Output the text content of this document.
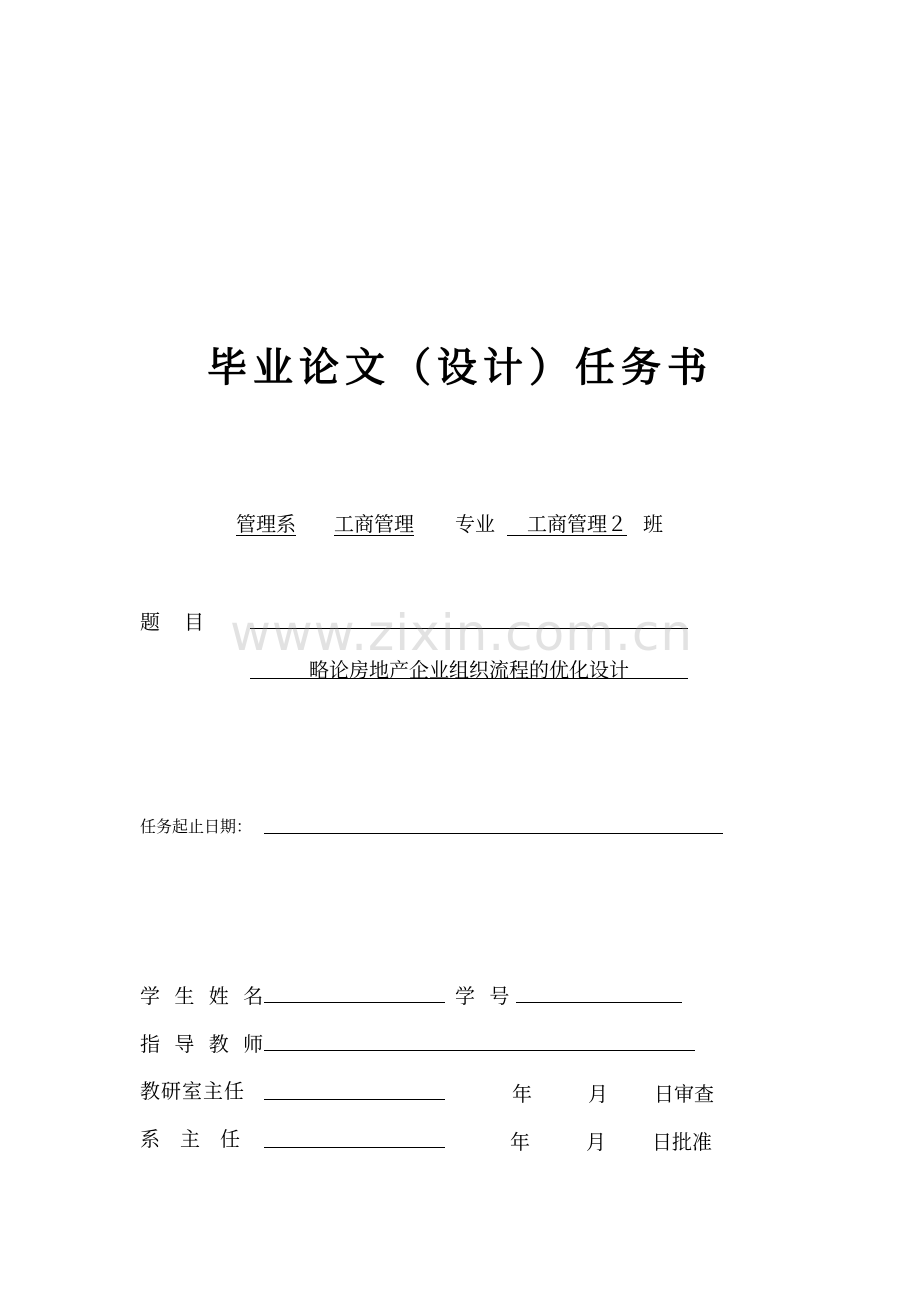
毕业论文（设计）任务书
管理系 工商管理 专业
 	工商管理２ 班
题　目 www.zixin.com.cn
略论房地产企业组织流程的优化设计
任务起止日期：
学 生 姓 名	学 号
指 导 教 师
教研室主任	年	月 日审查
系　主　任	年	月 日批准
